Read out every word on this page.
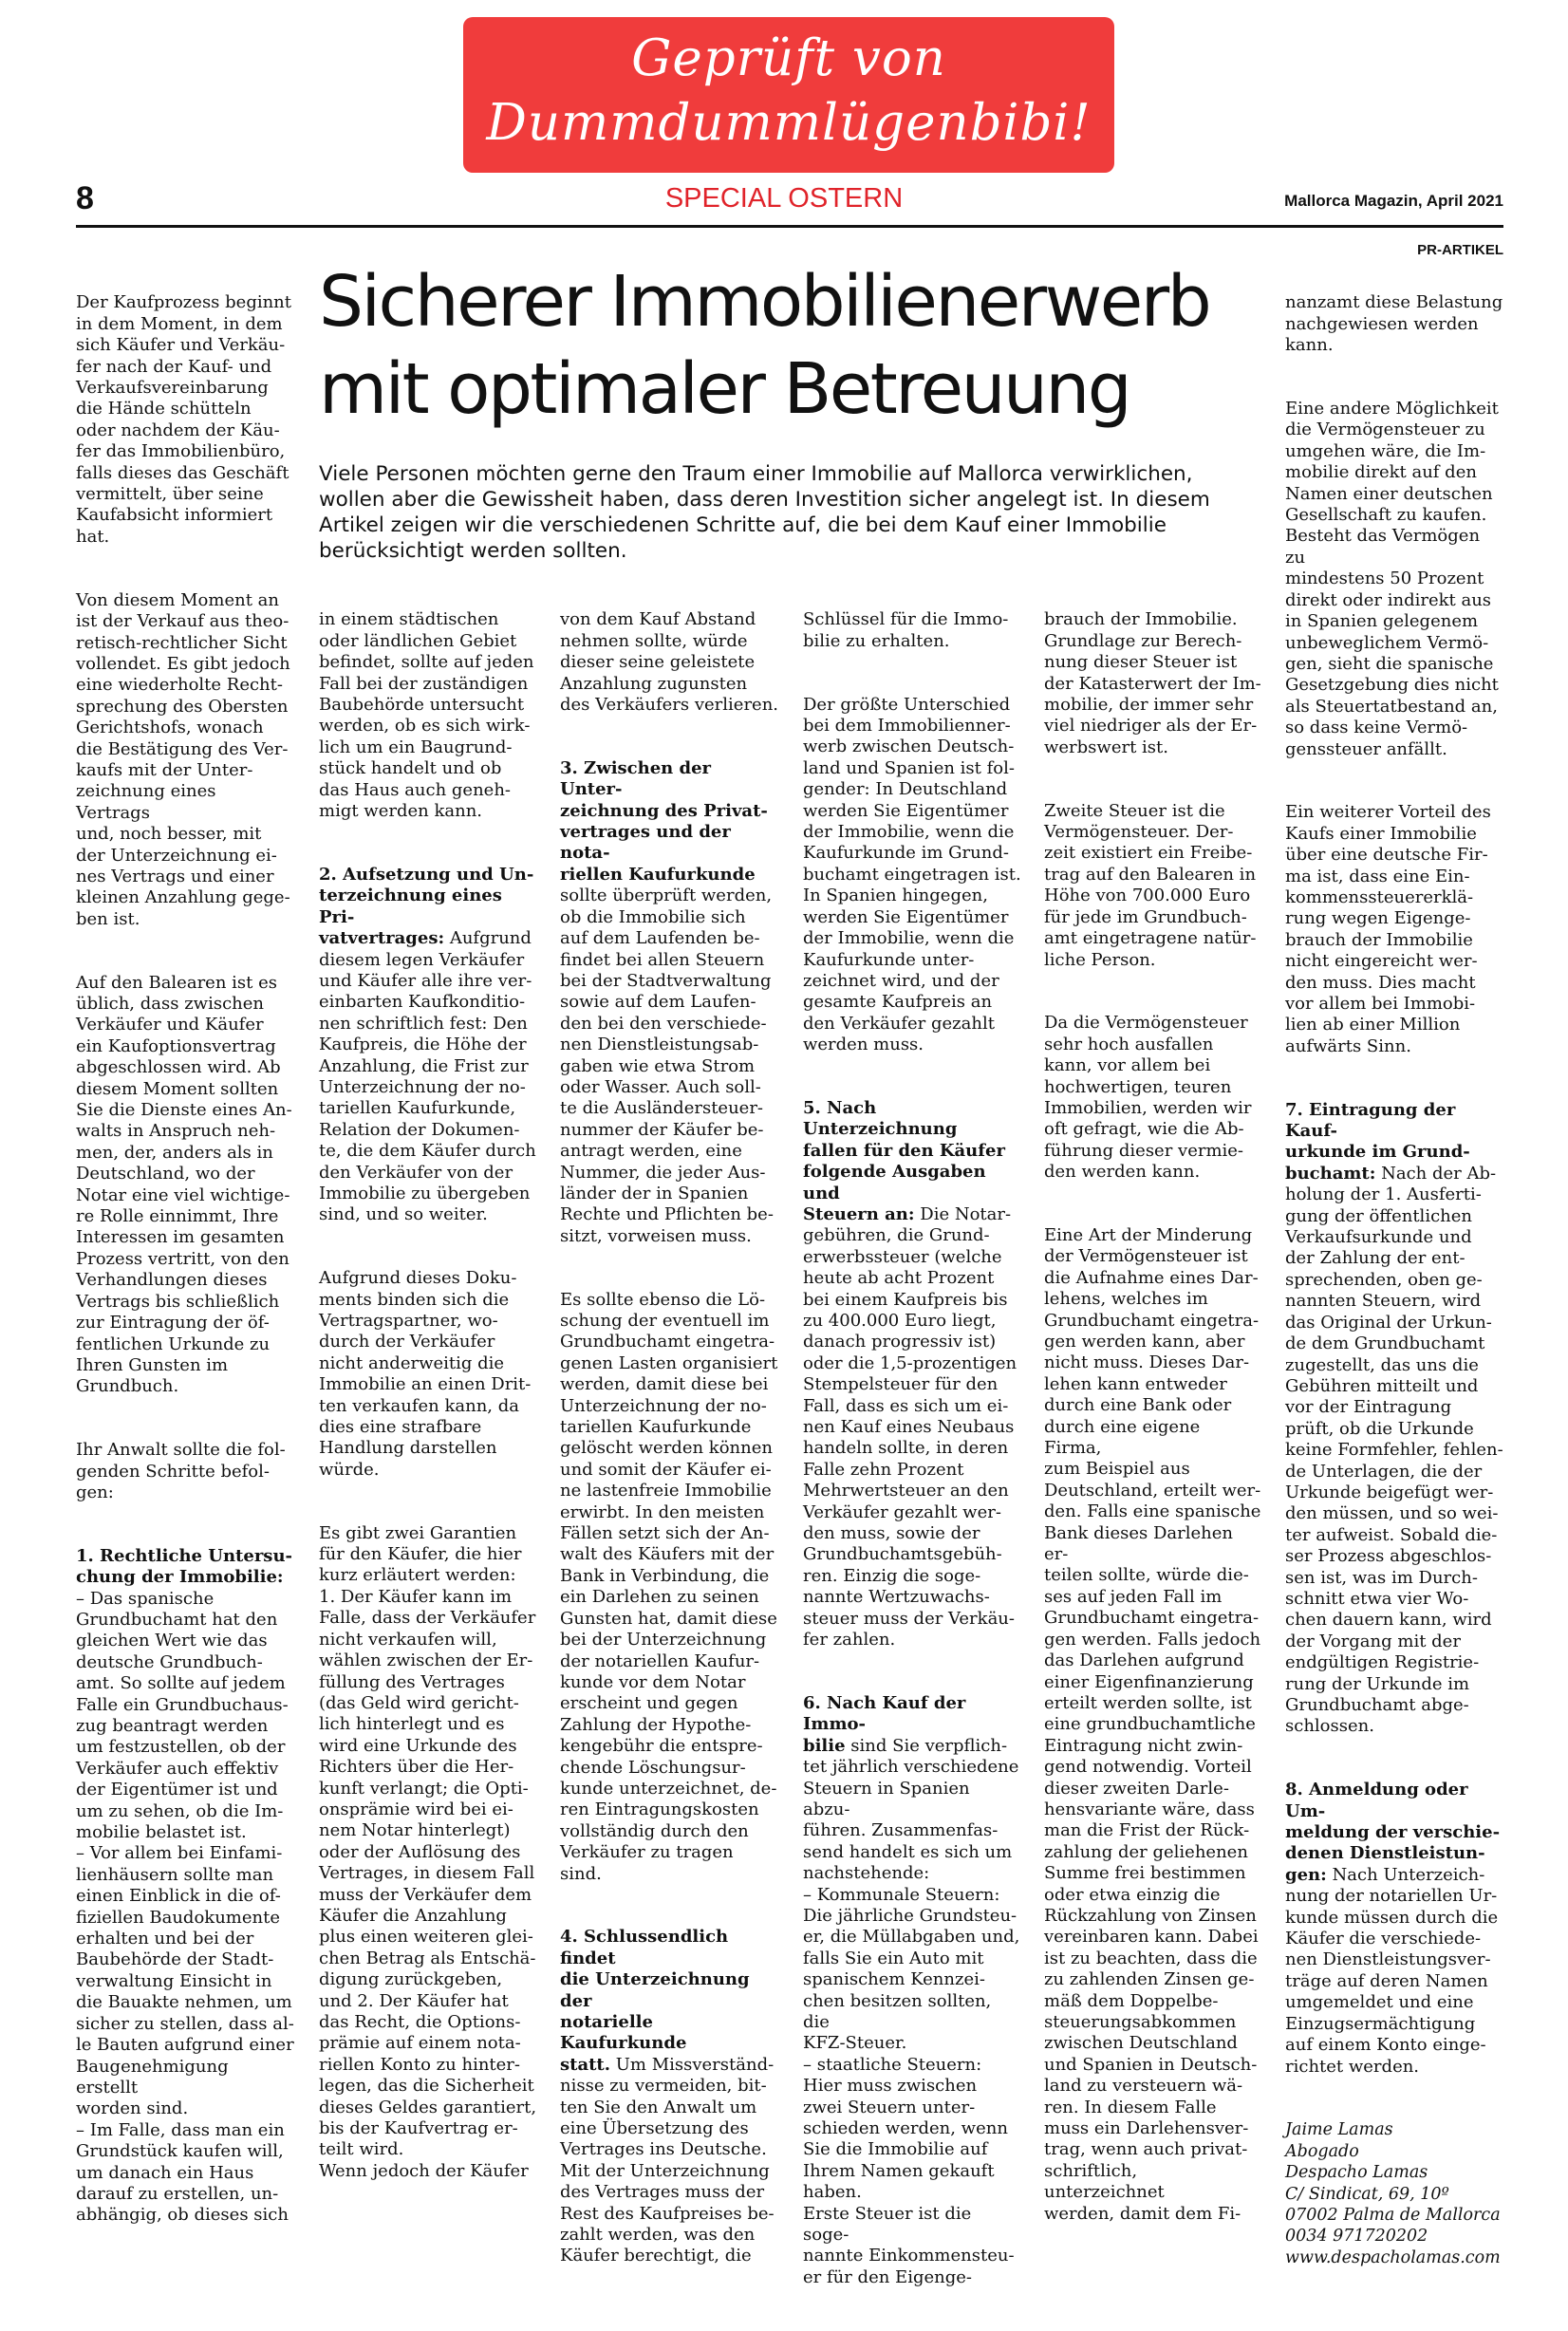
Geprüft von
Dummdummlügenbibi!
8	SPECIAL OSTERN	Mallorca Magazin, April 2021
PR-ARTIKEL
Sicherer Immobilienerwerb
mit optimaler Betreuung

Viele Personen möchten gerne den Traum einer Immobilie auf Mallorca verwirklichen, wollen aber die Gewissheit haben, dass deren Investition sicher angelegt ist. In diesem Artikel zeigen wir die verschiedenen Schritte auf, die bei dem Kauf einer Immobilie berücksichtigt werden sollten.

Der Kaufprozess beginnt
in dem Moment, in dem
sich Käufer und Verkäu-
fer nach der Kauf- und
Verkaufsvereinbarung
die Hände schütteln
oder nachdem der Käu-
fer das Immobilienbüro,
falls dieses das Geschäft
vermittelt, über seine
Kaufabsicht informiert
hat.

Von diesem Moment an
ist der Verkauf aus theo-
retisch-rechtlicher Sicht
vollendet. Es gibt jedoch
eine wiederholte Recht-
sprechung des Obersten
Gerichtshofs, wonach
die Bestätigung des Ver-
kaufs mit der Unter-
zeichnung eines Vertrags
und, noch besser, mit
der Unterzeichnung ei-
nes Vertrags und einer
kleinen Anzahlung gege-
ben ist.

Auf den Balearen ist es
üblich, dass zwischen
Verkäufer und Käufer
ein Kaufoptionsvertrag
abgeschlossen wird. Ab
diesem Moment sollten
Sie die Dienste eines An-
walts in Anspruch neh-
men, der, anders als in
Deutschland, wo der
Notar eine viel wichtige-
re Rolle einnimmt, Ihre
Interessen im gesamten
Prozess vertritt, von den
Verhandlungen dieses
Vertrags bis schließlich
zur Eintragung der öf-
fentlichen Urkunde zu
Ihren Gunsten im
Grundbuch.

Ihr Anwalt sollte die fol-
genden Schritte befol-
gen:

1. Rechtliche Untersu-
chung der Immobilie:
– Das spanische
Grundbuchamt hat den
gleichen Wert wie das
deutsche Grundbuch-
amt. So sollte auf jedem
Falle ein Grundbuchaus-
zug beantragt werden
um festzustellen, ob der
Verkäufer auch effektiv
der Eigentümer ist und
um zu sehen, ob die Im-
mobilie belastet ist.
– Vor allem bei Einfami-
lienhäusern sollte man
einen Einblick in die of-
fiziellen Baudokumente
erhalten und bei der
Baubehörde der Stadt-
verwaltung Einsicht in
die Bauakte nehmen, um
sicher zu stellen, dass al-
le Bauten aufgrund einer
Baugenehmigung erstellt
worden sind.
– Im Falle, dass man ein
Grundstück kaufen will,
um danach ein Haus
darauf zu erstellen, un-
abhängig, ob dieses sich

in einem städtischen
oder ländlichen Gebiet
befindet, sollte auf jeden
Fall bei der zuständigen
Baubehörde untersucht
werden, ob es sich wirk-
lich um ein Baugrund-
stück handelt und ob
das Haus auch geneh-
migt werden kann.

2. Aufsetzung und Un-
terzeichnung eines Pri-
vatvertrages: Aufgrund
diesem legen Verkäufer
und Käufer alle ihre ver-
einbarten Kaufkonditio-
nen schriftlich fest: Den
Kaufpreis, die Höhe der
Anzahlung, die Frist zur
Unterzeichnung der no-
tariellen Kaufurkunde,
Relation der Dokumen-
te, die dem Käufer durch
den Verkäufer von der
Immobilie zu übergeben
sind, und so weiter.

Aufgrund dieses Doku-
ments binden sich die
Vertragspartner, wo-
durch der Verkäufer
nicht anderweitig die
Immobilie an einen Drit-
ten verkaufen kann, da
dies eine strafbare
Handlung darstellen
würde.

Es gibt zwei Garantien
für den Käufer, die hier
kurz erläutert werden:
1. Der Käufer kann im
Falle, dass der Verkäufer
nicht verkaufen will,
wählen zwischen der Er-
füllung des Vertrages
(das Geld wird gericht-
lich hinterlegt und es
wird eine Urkunde des
Richters über die Her-
kunft verlangt; die Opti-
onsprämie wird bei ei-
nem Notar hinterlegt)
oder der Auflösung des
Vertrages, in diesem Fall
muss der Verkäufer dem
Käufer die Anzahlung
plus einen weiteren glei-
chen Betrag als Entschä-
digung zurückgeben,
und 2. Der Käufer hat
das Recht, die Options-
prämie auf einem nota-
riellen Konto zu hinter-
legen, das die Sicherheit
dieses Geldes garantiert,
bis der Kaufvertrag er-
teilt wird.
Wenn jedoch der Käufer

von dem Kauf Abstand
nehmen sollte, würde
dieser seine geleistete
Anzahlung zugunsten
des Verkäufers verlieren.

3. Zwischen der Unter-
zeichnung des Privat-
vertrages und der nota-
riellen Kaufurkunde
sollte überprüft werden,
ob die Immobilie sich
auf dem Laufenden be-
findet bei allen Steuern
bei der Stadtverwaltung
sowie auf dem Laufen-
den bei den verschiede-
nen Dienstleistungsab-
gaben wie etwa Strom
oder Wasser. Auch soll-
te die Ausländersteuer-
nummer der Käufer be-
antragt werden, eine
Nummer, die jeder Aus-
länder der in Spanien
Rechte und Pflichten be-
sitzt, vorweisen muss.

Es sollte ebenso die Lö-
schung der eventuell im
Grundbuchamt eingetra-
genen Lasten organisiert
werden, damit diese bei
Unterzeichnung der no-
tariellen Kaufurkunde
gelöscht werden können
und somit der Käufer ei-
ne lastenfreie Immobilie
erwirbt. In den meisten
Fällen setzt sich der An-
walt des Käufers mit der
Bank in Verbindung, die
ein Darlehen zu seinen
Gunsten hat, damit diese
bei der Unterzeichnung
der notariellen Kaufur-
kunde vor dem Notar
erscheint und gegen
Zahlung der Hypothe-
kengebühr die entspre-
chende Löschungsur-
kunde unterzeichnet, de-
ren Eintragungskosten
vollständig durch den
Verkäufer zu tragen
sind.

4. Schlussendlich findet
die Unterzeichnung der
notarielle Kaufurkunde
statt. Um Missverständ-
nisse zu vermeiden, bit-
ten Sie den Anwalt um
eine Übersetzung des
Vertrages ins Deutsche.
Mit der Unterzeichnung
des Vertrages muss der
Rest des Kaufpreises be-
zahlt werden, was den
Käufer berechtigt, die

Schlüssel für die Immo-
bilie zu erhalten.

Der größte Unterschied
bei dem Immobilienner-
werb zwischen Deutsch-
land und Spanien ist fol-
gender: In Deutschland
werden Sie Eigentümer
der Immobilie, wenn die
Kaufurkunde im Grund-
buchamt eingetragen ist.
In Spanien hingegen,
werden Sie Eigentümer
der Immobilie, wenn die
Kaufurkunde unter-
zeichnet wird, und der
gesamte Kaufpreis an
den Verkäufer gezahlt
werden muss.

5. Nach Unterzeichnung
fallen für den Käufer
folgende Ausgaben und
Steuern an: Die Notar-
gebühren, die Grund-
erwerbssteuer (welche
heute ab acht Prozent
bei einem Kaufpreis bis
zu 400.000 Euro liegt,
danach progressiv ist)
oder die 1,5-prozentigen
Stempelsteuer für den
Fall, dass es sich um ei-
nen Kauf eines Neubaus
handeln sollte, in deren
Falle zehn Prozent
Mehrwertsteuer an den
Verkäufer gezahlt wer-
den muss, sowie der
Grundbuchamtsgebüh-
ren. Einzig die soge-
nannte Wertzuwachs-
steuer muss der Verkäu-
fer zahlen.

6. Nach Kauf der Immo-
bilie sind Sie verpflich-
tet jährlich verschiedene
Steuern in Spanien abzu-
führen. Zusammenfas-
send handelt es sich um
nachstehende:
– Kommunale Steuern:
Die jährliche Grundsteu-
er, die Müllabgaben und,
falls Sie ein Auto mit
spanischem Kennzei-
chen besitzen sollten, die
KFZ-Steuer.
– staatliche Steuern:
Hier muss zwischen
zwei Steuern unter-
schieden werden, wenn
Sie die Immobilie auf
Ihrem Namen gekauft
haben.
Erste Steuer ist die soge-
nannte Einkommensteu-
er für den Eigenge-

brauch der Immobilie.
Grundlage zur Berech-
nung dieser Steuer ist
der Katasterwert der Im-
mobilie, der immer sehr
viel niedriger als der Er-
werbswert ist.

Zweite Steuer ist die
Vermögensteuer. Der-
zeit existiert ein Freibe-
trag auf den Balearen in
Höhe von 700.000 Euro
für jede im Grundbuch-
amt eingetragene natür-
liche Person.

Da die Vermögensteuer
sehr hoch ausfallen
kann, vor allem bei
hochwertigen, teuren
Immobilien, werden wir
oft gefragt, wie die Ab-
führung dieser vermie-
den werden kann.

Eine Art der Minderung
der Vermögensteuer ist
die Aufnahme eines Dar-
lehens, welches im
Grundbuchamt eingetra-
gen werden kann, aber
nicht muss. Dieses Dar-
lehen kann entweder
durch eine Bank oder
durch eine eigene Firma,
zum Beispiel aus
Deutschland, erteilt wer-
den. Falls eine spanische
Bank dieses Darlehen er-
teilen sollte, würde die-
ses auf jeden Fall im
Grundbuchamt eingetra-
gen werden. Falls jedoch
das Darlehen aufgrund
einer Eigenfinanzierung
erteilt werden sollte, ist
eine grundbuchamtliche
Eintragung nicht zwin-
gend notwendig. Vorteil
dieser zweiten Darle-
hensvariante wäre, dass
man die Frist der Rück-
zahlung der geliehenen
Summe frei bestimmen
oder etwa einzig die
Rückzahlung von Zinsen
vereinbaren kann. Dabei
ist zu beachten, dass die
zu zahlenden Zinsen ge-
mäß dem Doppelbe-
steuerungsabkommen
zwischen Deutschland
und Spanien in Deutsch-
land zu versteuern wä-
ren. In diesem Falle
muss ein Darlehensver-
trag, wenn auch privat-
schriftlich, unterzeichnet
werden, damit dem Fi-

nanzamt diese Belastung
nachgewiesen werden
kann.

Eine andere Möglichkeit
die Vermögensteuer zu
umgehen wäre, die Im-
mobilie direkt auf den
Namen einer deutschen
Gesellschaft zu kaufen.
Besteht das Vermögen zu
mindestens 50 Prozent
direkt oder indirekt aus
in Spanien gelegenem
unbeweglichem Vermö-
gen, sieht die spanische
Gesetzgebung dies nicht
als Steuertatbestand an,
so dass keine Vermö-
genssteuer anfällt.

Ein weiterer Vorteil des
Kaufs einer Immobilie
über eine deutsche Fir-
ma ist, dass eine Ein-
kommenssteuererklä-
rung wegen Eigenge-
brauch der Immobilie
nicht eingereicht wer-
den muss. Dies macht
vor allem bei Immobi-
lien ab einer Million
aufwärts Sinn.

7. Eintragung der Kauf-
urkunde im Grund-
buchamt: Nach der Ab-
holung der 1. Ausferti-
gung der öffentlichen
Verkaufsurkunde und
der Zahlung der ent-
sprechenden, oben ge-
nannten Steuern, wird
das Original der Urkun-
de dem Grundbuchamt
zugestellt, das uns die
Gebühren mitteilt und
vor der Eintragung
prüft, ob die Urkunde
keine Formfehler, fehlen-
de Unterlagen, die der
Urkunde beigefügt wer-
den müssen, und so wei-
ter aufweist. Sobald die-
ser Prozess abgeschlos-
sen ist, was im Durch-
schnitt etwa vier Wo-
chen dauern kann, wird
der Vorgang mit der
endgültigen Registrie-
rung der Urkunde im
Grundbuchamt abge-
schlossen.

8. Anmeldung oder Um-
meldung der verschie-
denen Dienstleistun-
gen: Nach Unterzeich-
nung der notariellen Ur-
kunde müssen durch die
Käufer die verschiede-
nen Dienstleistungsver-
träge auf deren Namen
umgemeldet und eine
Einzugsermächtigung
auf einem Konto einge-
richtet werden.

Jaime Lamas
Abogado
Despacho Lamas
C/ Sindicat, 69, 10º
07002 Palma de Mallorca
0034 971720202
www.despacholamas.com
